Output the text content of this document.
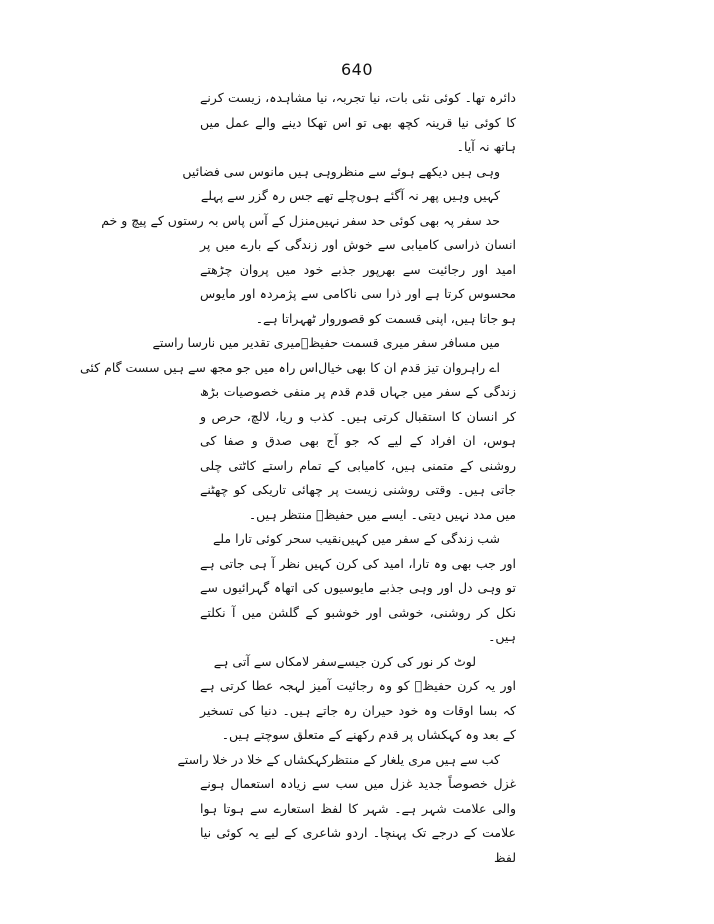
640

دائرہ تھا۔ کوئی نئی بات، نیا تجربہ، نیا مشاہدہ، زیست کرنے کا کوئی نیا قرینہ کچھ بھی تو اس تھکا دینے والے عمل میں ہاتھ نہ آیا۔

وہی ہیں دیکھے ہوئے سے منظر
وہی ہیں مانوس سی فضائیں
کہیں وہیں پھر نہ آگئے ہوں
چلے تھے جس رہ گزر سے پہلے
حد سفر پہ بھی کوئی حد سفر نہیں
منزل کے آس پاس بہ رستوں کے پیچ و خم

انسان ذراسی کامیابی سے خوش اور زندگی کے بارے میں پر امید اور رجائیت سے بھرپور جذبے خود میں پروان چڑھتے محسوس کرتا ہے اور ذرا سی ناکامی سے پژمردہ اور مایوس ہو جاتا ہیں، اپنی قسمت کو قصوروار ٹھہراتا ہے۔

میں مسافر سفر میری قسمت حفیظؔ
میری تقدیر میں نارسا راستے
اے راہروان تیز قدم ان کا بھی خیال
اس راہ میں جو مجھ سے ہیں سست گام کئی

زندگی کے سفر میں جہاں قدم قدم پر منفی خصوصیات بڑھ کر انسان کا استقبال کرتی ہیں۔ کذب و ریا، لالچ، حرص و ہوس، ان افراد کے لیے کہ جو آج بھی صدق و صفا کی روشنی کے متمنی ہیں، کامیابی کے تمام راستے کاٹتی چلی جاتی ہیں۔ وقتی روشنی زیست پر چھائی تاریکی کو چھٹنے میں مدد نہیں دیتی۔ ایسے میں حفیظؔ منتظر ہیں۔

شب زندگی کے سفر میں کہیں
نقیب سحر کوئی تارا ملے

اور جب بھی وہ تارا، امید کی کرن کہیں نظر آ ہی جاتی ہے تو وہی دل اور وہی جذبے مایوسیوں کی اتھاہ گہرائیوں سے نکل کر روشنی، خوشی اور خوشبو کے گلشن میں آ نکلتے ہیں۔

لوٹ کر نور کی کرن جیسے
سفر لامکاں سے آتی ہے

اور یہ کرن حفیظؔ کو وہ رجائیت آمیز لہجہ عطا کرتی ہے کہ بسا اوقات وہ خود حیران رہ جاتے ہیں۔ دنیا کی تسخیر کے بعد وہ کہکشاں پر قدم رکھنے کے متعلق سوچتے ہیں۔

کب سے ہیں مری یلغار کے منتظر
کہکشاں کے خلا در خلا راستے

غزل خصوصاً جدید غزل میں سب سے زیادہ استعمال ہونے والی علامت شہر ہے۔ شہر کا لفظ استعارے سے ہوتا ہوا علامت کے درجے تک پہنچا۔ اردو شاعری کے لیے یہ کوئی نیا لفظ
